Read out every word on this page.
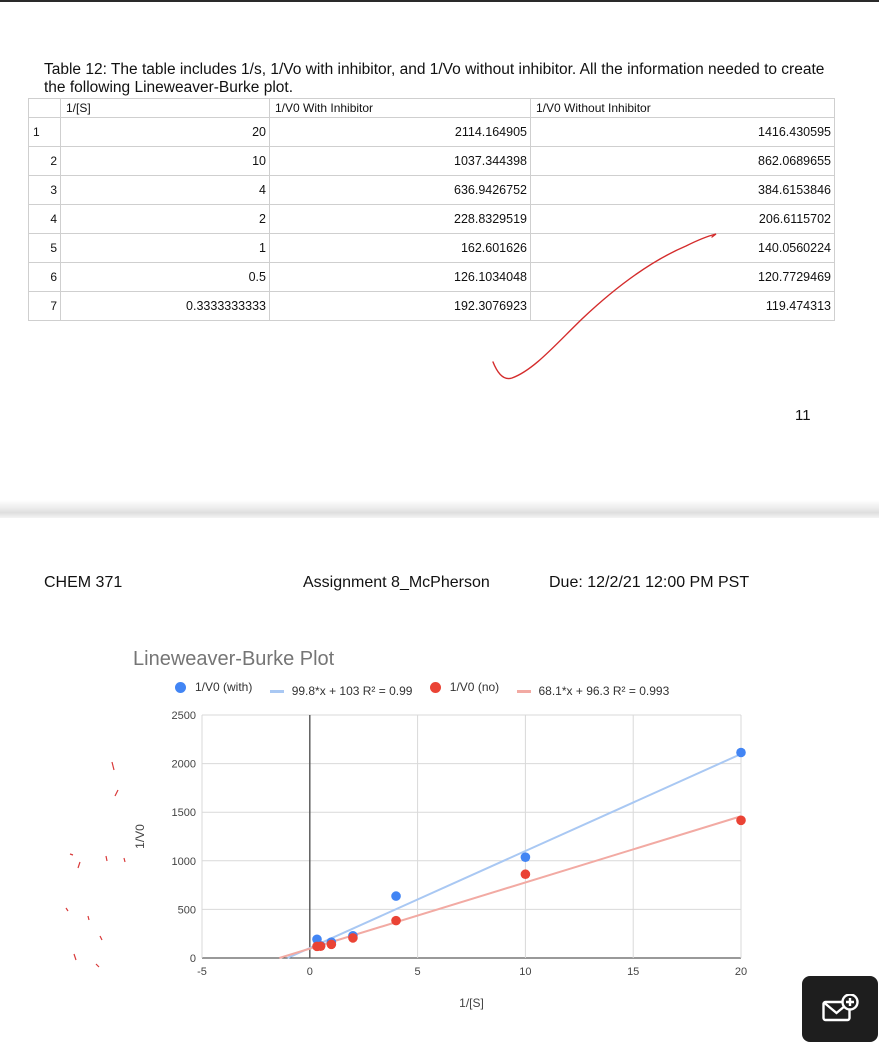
Table 12: The table includes 1/s, 1/Vo with inhibitor, and 1/Vo without inhibitor. All the information needed to create the following Lineweaver-Burke plot.
	1/[S]	1/V0 With Inhibitor	1/V0 Without Inhibitor
1	20	2114.164905	1416.430595
2	10	1037.344398	862.0689655
3	4	636.9426752	384.6153846
4	2	228.8329519	206.6115702
5	1	162.601626	140.0560224
6	0.5	126.1034048	120.7729469
7	0.3333333333	192.3076923	119.474313
11
CHEM 371	Assignment 8_McPherson	Due: 12/2/21 12:00 PM PST
Lineweaver-Burke Plot
1/V0 (with)
	99.8*x + 103 R² = 0.99
	1/V0 (no)
	68.1*x + 96.3 R² = 0.993
0
500
1000
1500
2000
2500
-5	0	5	10	15	20
1/[S]
1/V0
